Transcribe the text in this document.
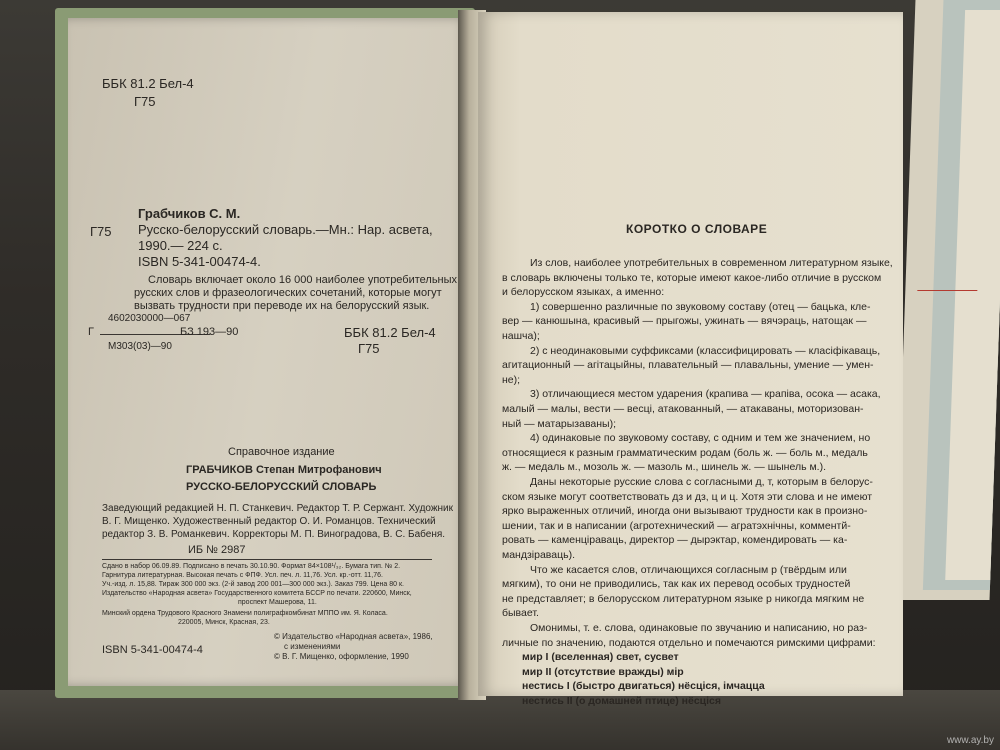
ББК 81.2 Бел-4
Г75
Грабчиков С. М.
Г75 Русско-белорусский словарь.—Мн.: Нар. асвета,
1990.— 224 с.
ISBN 5-341-00474-4.
Словарь включает около 16 000 наиболее употребительных
русских слов и фразеологических сочетаний, которые могут
вызвать трудности при переводе их на белорусский язык.
4602030000—067
Г	БЗ 193—90
М303(03)—90
ББК 81.2 Бел-4
Г75
Справочное издание
ГРАБЧИКОВ Степан Митрофанович
РУССКО-БЕЛОРУССКИЙ СЛОВАРЬ
Заведующий редакцией Н. П. Станкевич. Редактор Т. Р. Сержант. Художник
В. Г. Мищенко. Художественный редактор О. И. Романцов. Технический
редактор З. В. Романкевич. Корректоры М. П. Виноградова, В. С. Бабеня.
ИБ № 2987
Сдано в набор 06.09.89. Подписано в печать 30.10.90. Формат 84×108¹/₃₂. Бумага тип. № 2.
Гарнитура литературная. Высокая печать с ФПФ. Усл. печ. л. 11,76. Усл. кр.-отт. 11,76.
Уч.-изд. л. 15,88. Тираж 300 000 экз. (2-й завод 200 001—300 000 экз.). Заказ 799. Цена 80 к.
Издательство «Народная асвета» Государственного комитета БССР по печати. 220600, Минск,
проспект Машерова, 11.
Минский ордена Трудового Красного Знамени полиграфкомбинат МППО им. Я. Коласа.
220005, Минск, Красная, 23.
ISBN 5-341-00474-4
© Издательство «Народная асвета», 1986,
с изменениями
© В. Г. Мищенко, оформление, 1990
КОРОТКО О СЛОВАРЕ
Из слов, наиболее употребительных в современном литературном языке,
в словарь включены только те, которые имеют какое-либо отличие в русском
и белорусском языках, а именно:
1) совершенно различные по звуковому составу (отец — бацька, кле-
вер — канюшына, красивый — прыгожы, ужинать — вячэраць, натощак —
нашча);
2) с неодинаковыми суффиксами (классифицировать — класіфікаваць,
агитационный — агітацыйны, плавательный — плавальны, умение — умен-
не);
3) отличающиеся местом ударения (крапива — крапіва, осока — асака,
малый — малы, вести — весці, атакованный, — атакаваны, моторизован-
ный — матарызаваны);
4) одинаковые по звуковому составу, с одним и тем же значением, но
относящиеся к разным грамматическим родам (боль ж. — боль м., медаль
ж. — медаль м., мозоль ж. — мазоль м., шинель ж. — шынель м.).
Даны некоторые русские слова с согласными д, т, которым в белорус-
ском языке могут соответствовать дз и дз, ц и ц. Хотя эти слова и не имеют
ярко выраженных отличий, иногда они вызывают трудности как в произно-
шении, так и в написании (агротехнический — агратэхнічны, комментй-
ровать — каменціраваць, директор — дырэктар, комендировать — ка-
мандзіраваць).
Что же касается слов, отличающихся согласным р (твёрдым или
мягким), то они не приводились, так как их перевод особых трудностей
не представляет; в белорусском литературном языке р никогда мягким не
бывает.
Омонимы, т. е. слова, одинаковые по звучанию и написанию, но раз-
личные по значению, подаются отдельно и помечаются римскими цифрами:
мир I (вселенная) свет, сусвет
мир II (отсутствие вражды) мір
нестись I (быстро двигаться) нёсціся, імчацца
нестись II (о домашней птице) нёсціся
www.ay.by
